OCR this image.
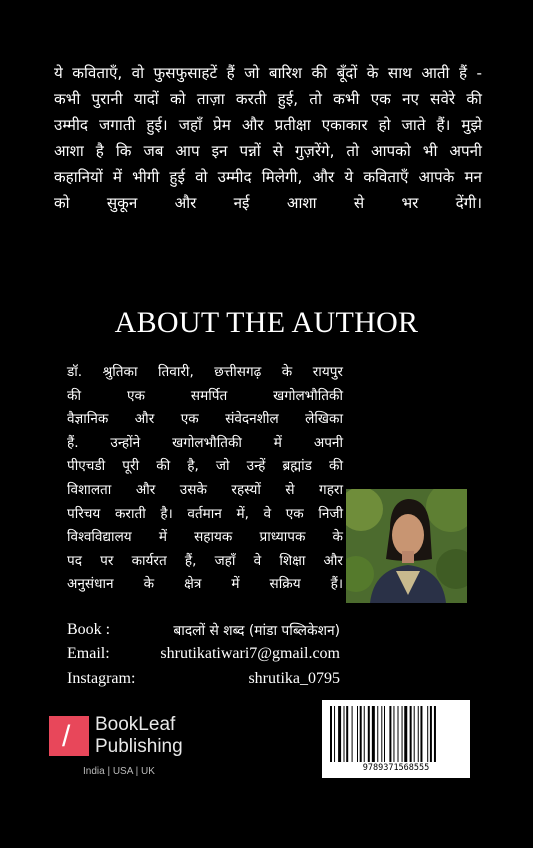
ये कविताएँ, वो फुसफुसाहटें हैं जो बारिश की बूँदों के साथ आती हैं -
कभी पुरानी यादों को ताज़ा करती हुई, तो कभी एक नए सवेरे की
उम्मीद जगाती हुई। जहाँ प्रेम और प्रतीक्षा एकाकार हो जाते हैं। मुझे
आशा है कि जब आप इन पन्नों से गुज़रेंगे, तो आपको भी अपनी
कहानियों में भीगी हुई वो उम्मीद मिलेगी, और ये कविताएँ आपके मन
को सुकून और नई आशा से भर देंगी।
ABOUT THE AUTHOR
डॉ. श्रुतिका तिवारी, छत्तीसगढ़ के रायपुर
की एक समर्पित खगोलभौतिकी
वैज्ञानिक और एक संवेदनशील लेखिका
हैं. उन्होंने खगोलभौतिकी में अपनी
पीएचडी पूरी की है, जो उन्हें ब्रह्मांड की
विशालता और उसके रहस्यों से गहरा
परिचय कराती है। वर्तमान में, वे एक निजी
विश्वविद्यालय में सहायक प्राध्यापक के
पद पर कार्यरत हैं, जहाँ वे शिक्षा और
अनुसंधान के क्षेत्र में सक्रिय हैं।
Book :	बादलों से शब्द (मांडा पब्लिकेशन)
Email:	shrutikatiwari7@gmail.com
Instagram:	shrutika_0795
/ BookLeaf
Publishing
India | USA | UK	9789371568555
